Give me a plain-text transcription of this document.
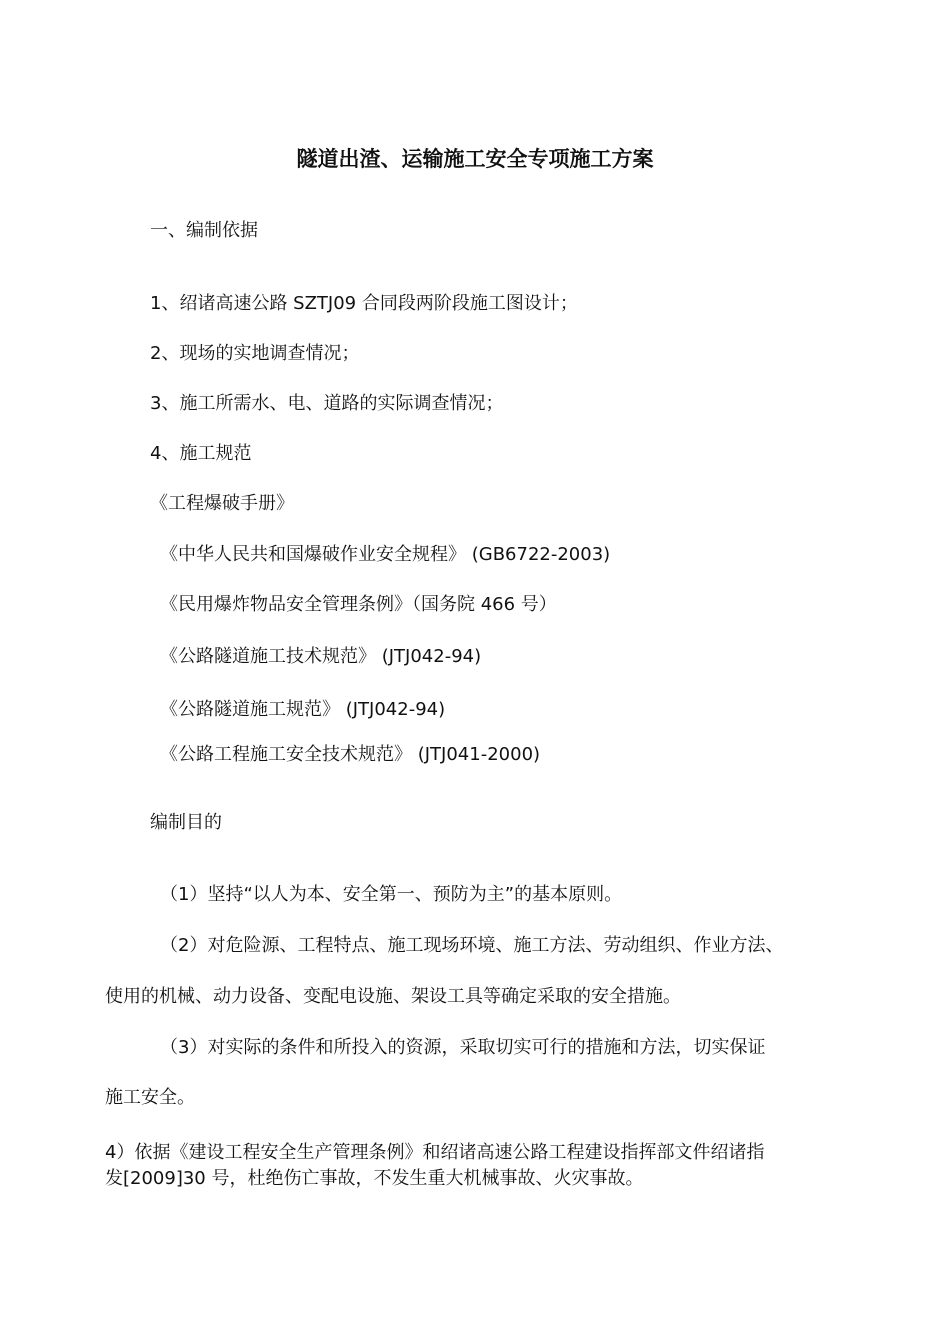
隧道出渣、运输施工安全专项施工方案
一、编制依据
1、绍诸高速公路 SZTJ09 合同段两阶段施工图设计；
2、现场的实地调查情况；
3、施工所需水、电、道路的实际调查情况；
4、施工规范
《工程爆破手册》
《中华人民共和国爆破作业安全规程》 (GB6722-2003)
《民用爆炸物品安全管理条例》（国务院 466 号）
《公路隧道施工技术规范》 (JTJ042-94)
《公路隧道施工规范》 (JTJ042-94)
《公路工程施工安全技术规范》 (JTJ041-2000)
编制目的
（1）坚持“以人为本、安全第一、预防为主”的基本原则。
（2）对危险源、工程特点、施工现场环境、施工方法、劳动组织、作业方法、
使用的机械、动力设备、变配电设施、架设工具等确定采取的安全措施。
（3）对实际的条件和所投入的资源，采取切实可行的措施和方法，切实保证
施工安全。
4）依据《建设工程安全生产管理条例》和绍诸高速公路工程建设指挥部文件绍诸指
发[2009]30 号，杜绝伤亡事故，不发生重大机械事故、火灾事故。
